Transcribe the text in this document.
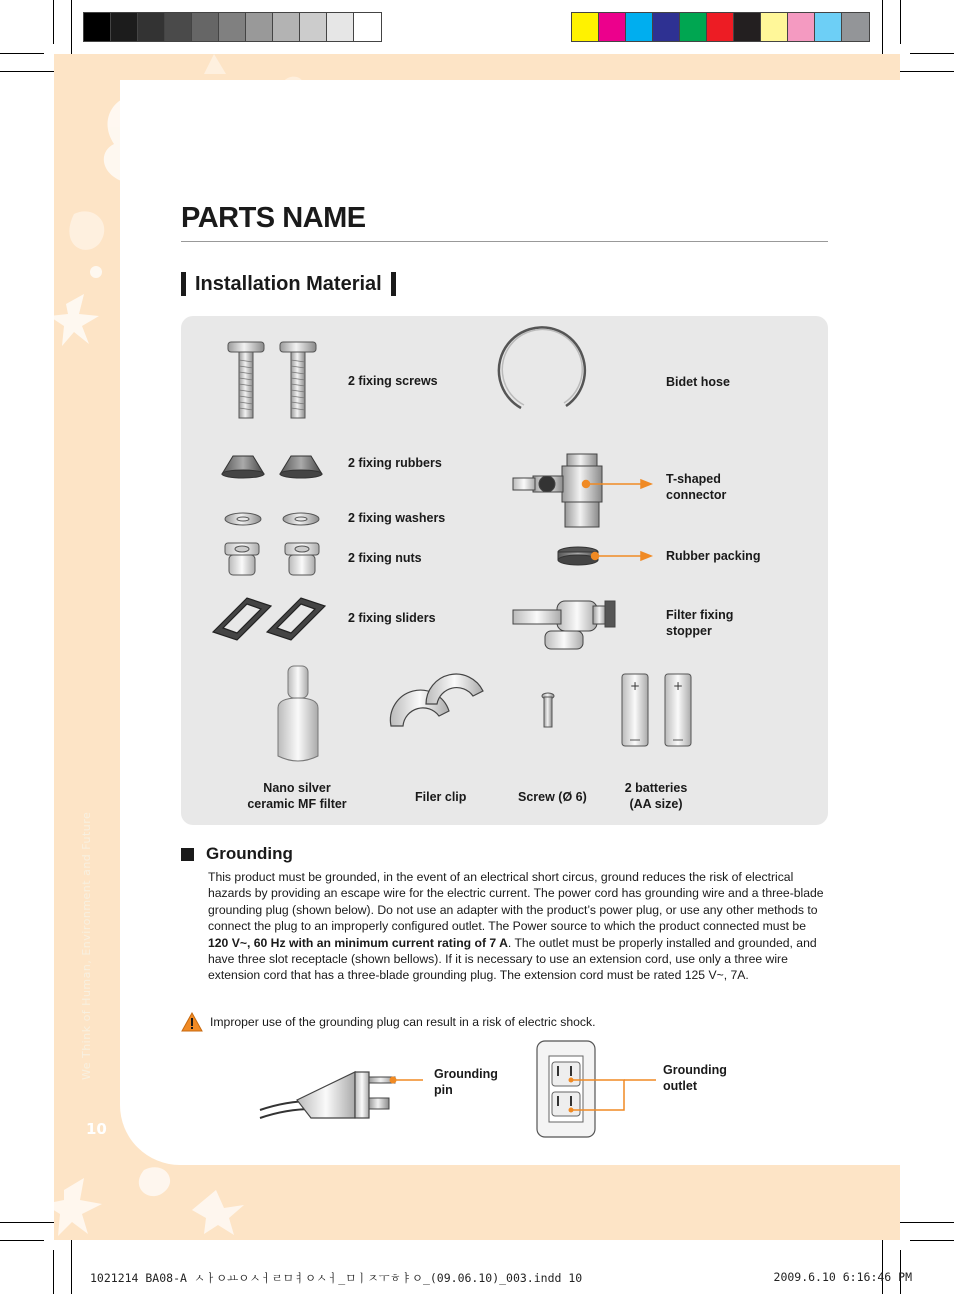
We Think of Human, Environment and Future
10
PARTS NAME
Installation Material
+	+
2 fixing screws
2 fixing rubbers
2 fixing washers
2 fixing nuts
2 fixing sliders
Bidet hose
T-shaped
connector
Rubber packing
Filter fixing
stopper
Nano silver
ceramic MF filter	Filer clip	Screw (Ø 6)
2 batteries
(AA size)
Grounding
This product must be grounded, in the event of an electrical short circus, ground reduces the risk of electrical hazards by providing an escape wire for the electric current. The power cord has grounding wire and a three-blade grounding plug (shown below). Do not use an adapter with the product’s power plug, or use any other methods to connect the plug to an improperly configured outlet. The Power source to which the product connected must be 120 V~, 60 Hz with an minimum current rating of 7 A. The outlet must be properly installed and grounded, and have three slot receptacle (shown bellows). If it is necessary to use an extension cord, use only a three wire extension cord that has a three-blade grounding plug. The extension cord must be rated 125 V~, 7A.
Improper use of the grounding plug can result in a risk of electric shock.
Grounding
pin
Grounding
outlet
1021214 BA08-A ㅅㅏㅇㅛㅇㅅㅓㄹㅁㅕㅇㅅㅓ_ㅁㅣㅈㅜㅎㅑㅇ_(09.06.10)_003.indd 10	2009.6.10 6:16:46 PM
